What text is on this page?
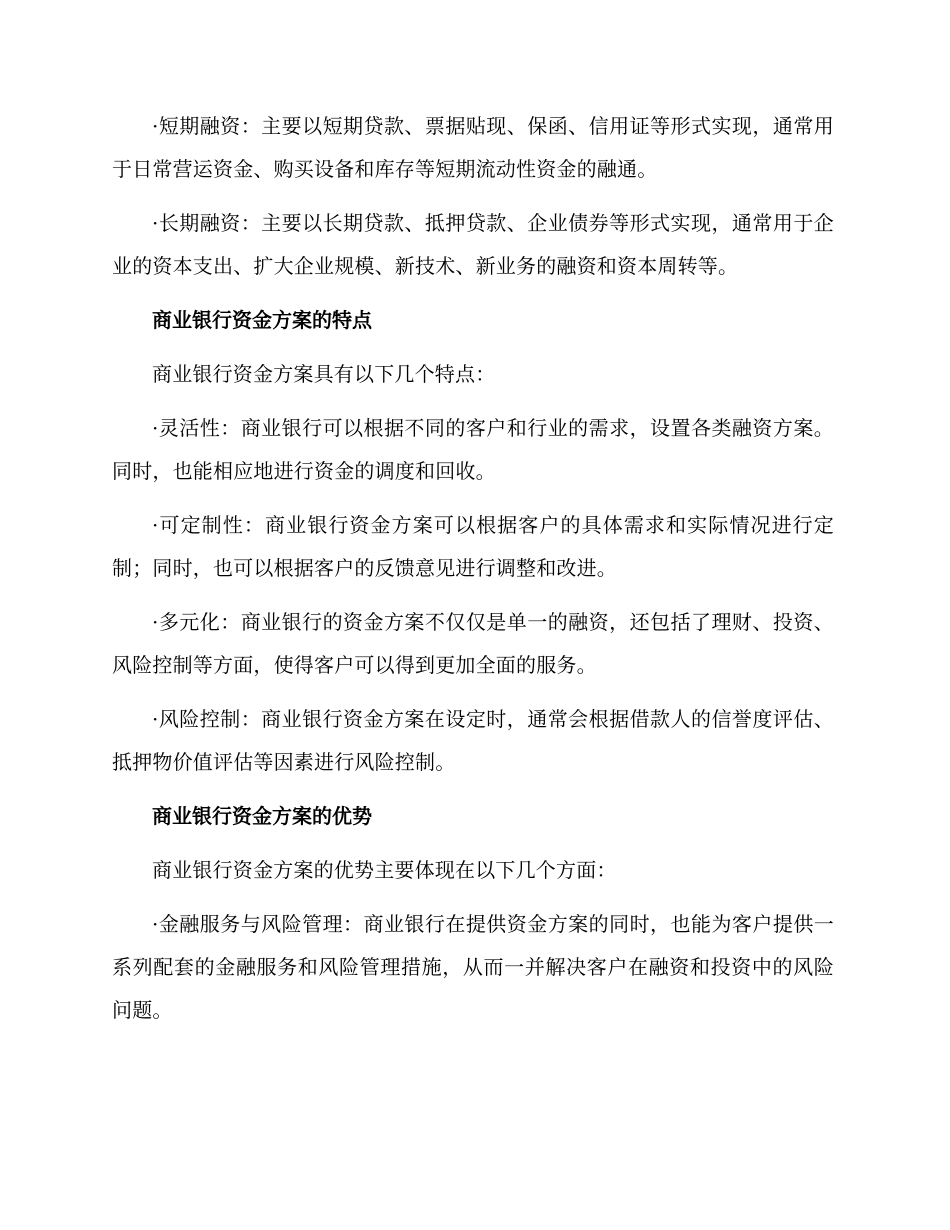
·短期融资：主要以短期贷款、票据贴现、保函、信用证等形式实现，通常用于日常营运资金、购买设备和库存等短期流动性资金的融通。

·长期融资：主要以长期贷款、抵押贷款、企业债券等形式实现，通常用于企业的资本支出、扩大企业规模、新技术、新业务的融资和资本周转等。

商业银行资金方案的特点

商业银行资金方案具有以下几个特点：

·灵活性：商业银行可以根据不同的客户和行业的需求，设置各类融资方案。同时，也能相应地进行资金的调度和回收。

·可定制性：商业银行资金方案可以根据客户的具体需求和实际情况进行定制；同时，也可以根据客户的反馈意见进行调整和改进。

·多元化：商业银行的资金方案不仅仅是单一的融资，还包括了理财、投资、风险控制等方面，使得客户可以得到更加全面的服务。

·风险控制：商业银行资金方案在设定时，通常会根据借款人的信誉度评估、抵押物价值评估等因素进行风险控制。

商业银行资金方案的优势

商业银行资金方案的优势主要体现在以下几个方面：

·金融服务与风险管理：商业银行在提供资金方案的同时，也能为客户提供一系列配套的金融服务和风险管理措施，从而一并解决客户在融资和投资中的风险问题。
